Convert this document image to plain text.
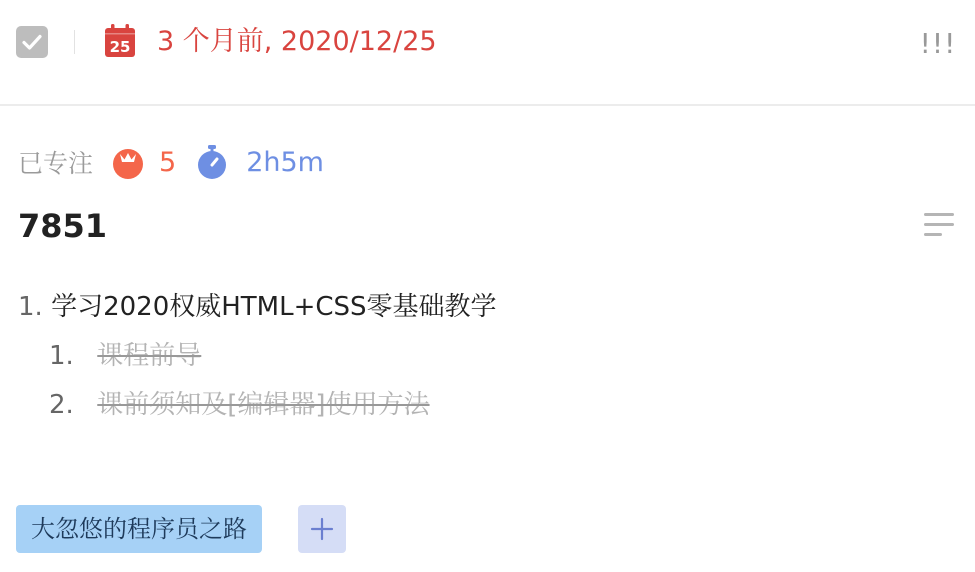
25 3 个月前, 2020/12/25	!!!
已专注 5	2h5m
7851
1. 学习2020权威HTML+CSS零基础教学
1. 课程前导
2. 课前须知及[编辑器]使用方法
大忽悠的程序员之路
